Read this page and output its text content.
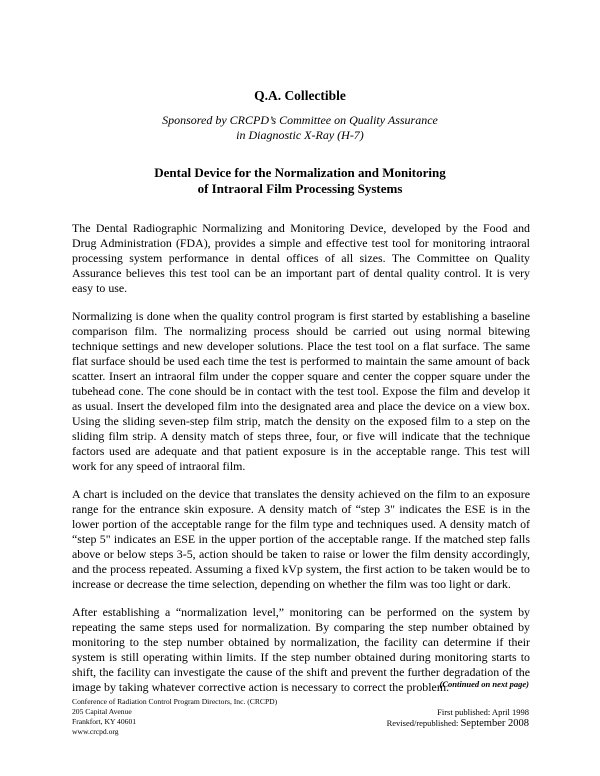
Q.A. Collectible
Sponsored by CRCPD’s Committee on Quality Assurance
in Diagnostic X-Ray (H-7)
Dental Device for the Normalization and Monitoring
of Intraoral Film Processing Systems

The Dental Radiographic Normalizing and Monitoring Device, developed by the Food and Drug Administration (FDA), provides a simple and effective test tool for monitoring intraoral processing system performance in dental offices of all sizes. The Committee on Quality Assurance believes this test tool can be an important part of dental quality control. It is very easy to use.

Normalizing is done when the quality control program is first started by establishing a baseline comparison film. The normalizing process should be carried out using normal bitewing technique settings and new developer solutions. Place the test tool on a flat surface. The same flat surface should be used each time the test is performed to maintain the same amount of back scatter. Insert an intraoral film under the copper square and center the copper square under the tubehead cone. The cone should be in contact with the test tool. Expose the film and develop it as usual. Insert the developed film into the designated area and place the device on a view box. Using the sliding seven-step film strip, match the density on the exposed film to a step on the sliding film strip. A density match of steps three, four, or five will indicate that the technique factors used are adequate and that patient exposure is in the acceptable range. This test will work for any speed of intraoral film.

A chart is included on the device that translates the density achieved on the film to an exposure range for the entrance skin exposure. A density match of “step 3" indicates the ESE is in the lower portion of the acceptable range for the film type and techniques used. A density match of “step 5" indicates an ESE in the upper portion of the acceptable range. If the matched step falls above or below steps 3-5, action should be taken to raise or lower the film density accordingly, and the process repeated. Assuming a fixed kVp system, the first action to be taken would be to increase or decrease the time selection, depending on whether the film was too light or dark.

After establishing a “normalization level,” monitoring can be performed on the system by repeating the same steps used for normalization. By comparing the step number obtained by monitoring to the step number obtained by normalization, the facility can determine if their system is still operating within limits. If the step number obtained during monitoring starts to shift, the facility can investigate the cause of the shift and prevent the further degradation of the image by taking whatever corrective action is necessary to correct the problem.

(Continued on next page)
Conference of Radiation Control Program Directors, Inc. (CRCPD)
205 Capital Avenue
Frankfort, KY 40601
www.crcpd.org
First published: April 1998
Revised/republished: September 2008
